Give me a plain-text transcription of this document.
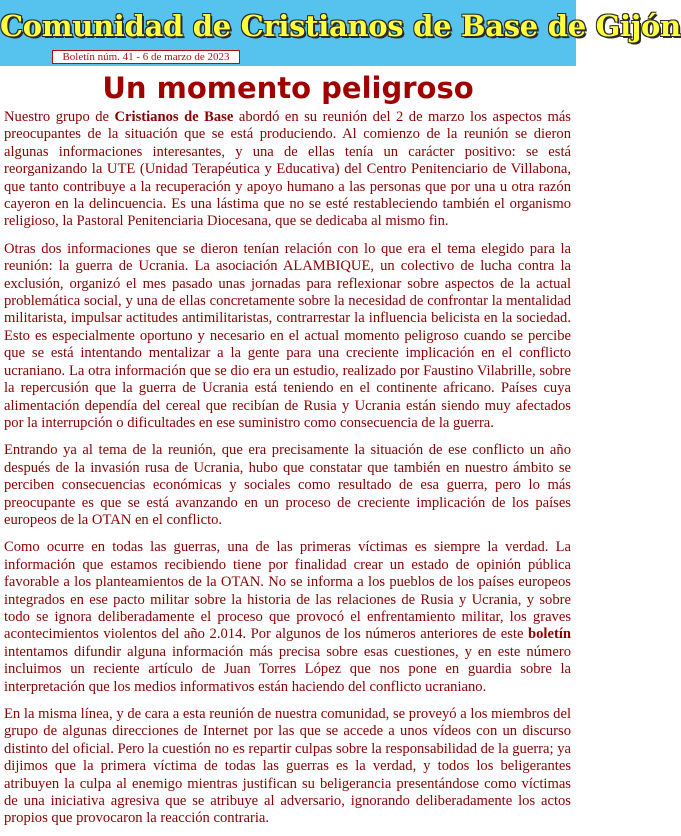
Comunidad de Cristianos de Base de Gijón
Boletín núm. 41 - 6 de marzo de 2023
Un momento peligroso

Nuestro grupo de Cristianos de Base abordó en su reunión del 2 de marzo los aspectos más preocupantes de la situación que se está produciendo. Al comienzo de la reunión se dieron algunas informaciones interesantes, y una de ellas tenía un carácter positivo: se está reorganizando la UTE (Unidad Terapéutica y Educativa) del Centro Penitenciario de Villabona, que tanto contribuye a la recuperación y apoyo humano a las personas que por una u otra razón cayeron en la delincuencia. Es una lástima que no se esté restableciendo también el organismo religioso, la Pastoral Penitenciaria Diocesana, que se dedicaba al mismo fin.

Otras dos informaciones que se dieron tenían relación con lo que era el tema elegido para la reunión: la guerra de Ucrania. La asociación ALAMBIQUE, un colectivo de lucha contra la exclusión, organizó el mes pasado unas jornadas para reflexionar sobre aspectos de la actual problemática social, y una de ellas concretamente sobre la necesidad de confrontar la mentalidad militarista, impulsar actitudes antimilitaristas, contrarrestar la influencia belicista en la sociedad. Esto es especialmente oportuno y necesario en el actual momento peligroso cuando se percibe que se está intentando mentalizar a la gente para una creciente implicación en el conflicto ucraniano. La otra información que se dio era un estudio, realizado por Faustino Vilabrille, sobre la repercusión que la guerra de Ucrania está teniendo en el continente africano. Países cuya alimentación dependía del cereal que recibían de Rusia y Ucrania están siendo muy afectados por la interrupción o dificultades en ese suministro como consecuencia de la guerra.

Entrando ya al tema de la reunión, que era precisamente la situación de ese conflicto un año después de la invasión rusa de Ucrania, hubo que constatar que también en nuestro ámbito se perciben consecuencias económicas y sociales como resultado de esa guerra, pero lo más preocupante es que se está avanzando en un proceso de creciente implicación de los países europeos de la OTAN en el conflicto.

Como ocurre en todas las guerras, una de las primeras víctimas es siempre la verdad. La información que estamos recibiendo tiene por finalidad crear un estado de opinión pública favorable a los planteamientos de la OTAN. No se informa a los pueblos de los países europeos integrados en ese pacto militar sobre la historia de las relaciones de Rusia y Ucrania, y sobre todo se ignora deliberadamente el proceso que provocó el enfrentamiento militar, los graves acontecimientos violentos del año 2.014. Por algunos de los números anteriores de este boletín intentamos difundir alguna información más precisa sobre esas cuestiones, y en este número incluimos un reciente artículo de Juan Torres López que nos pone en guardia sobre la interpretación que los medios informativos están haciendo del conflicto ucraniano.

En la misma línea, y de cara a esta reunión de nuestra comunidad, se proveyó a los miembros del grupo de algunas direcciones de Internet por las que se accede a unos vídeos con un discurso distinto del oficial. Pero la cuestión no es repartir culpas sobre la responsabilidad de la guerra; ya dijimos que la primera víctima de todas las guerras es la verdad, y todos los beligerantes atribuyen la culpa al enemigo mientras justifican su beligerancia presentándose como víctimas de una iniciativa agresiva que se atribuye al adversario, ignorando deliberadamente los actos propios que provocaron la reacción contraria.
